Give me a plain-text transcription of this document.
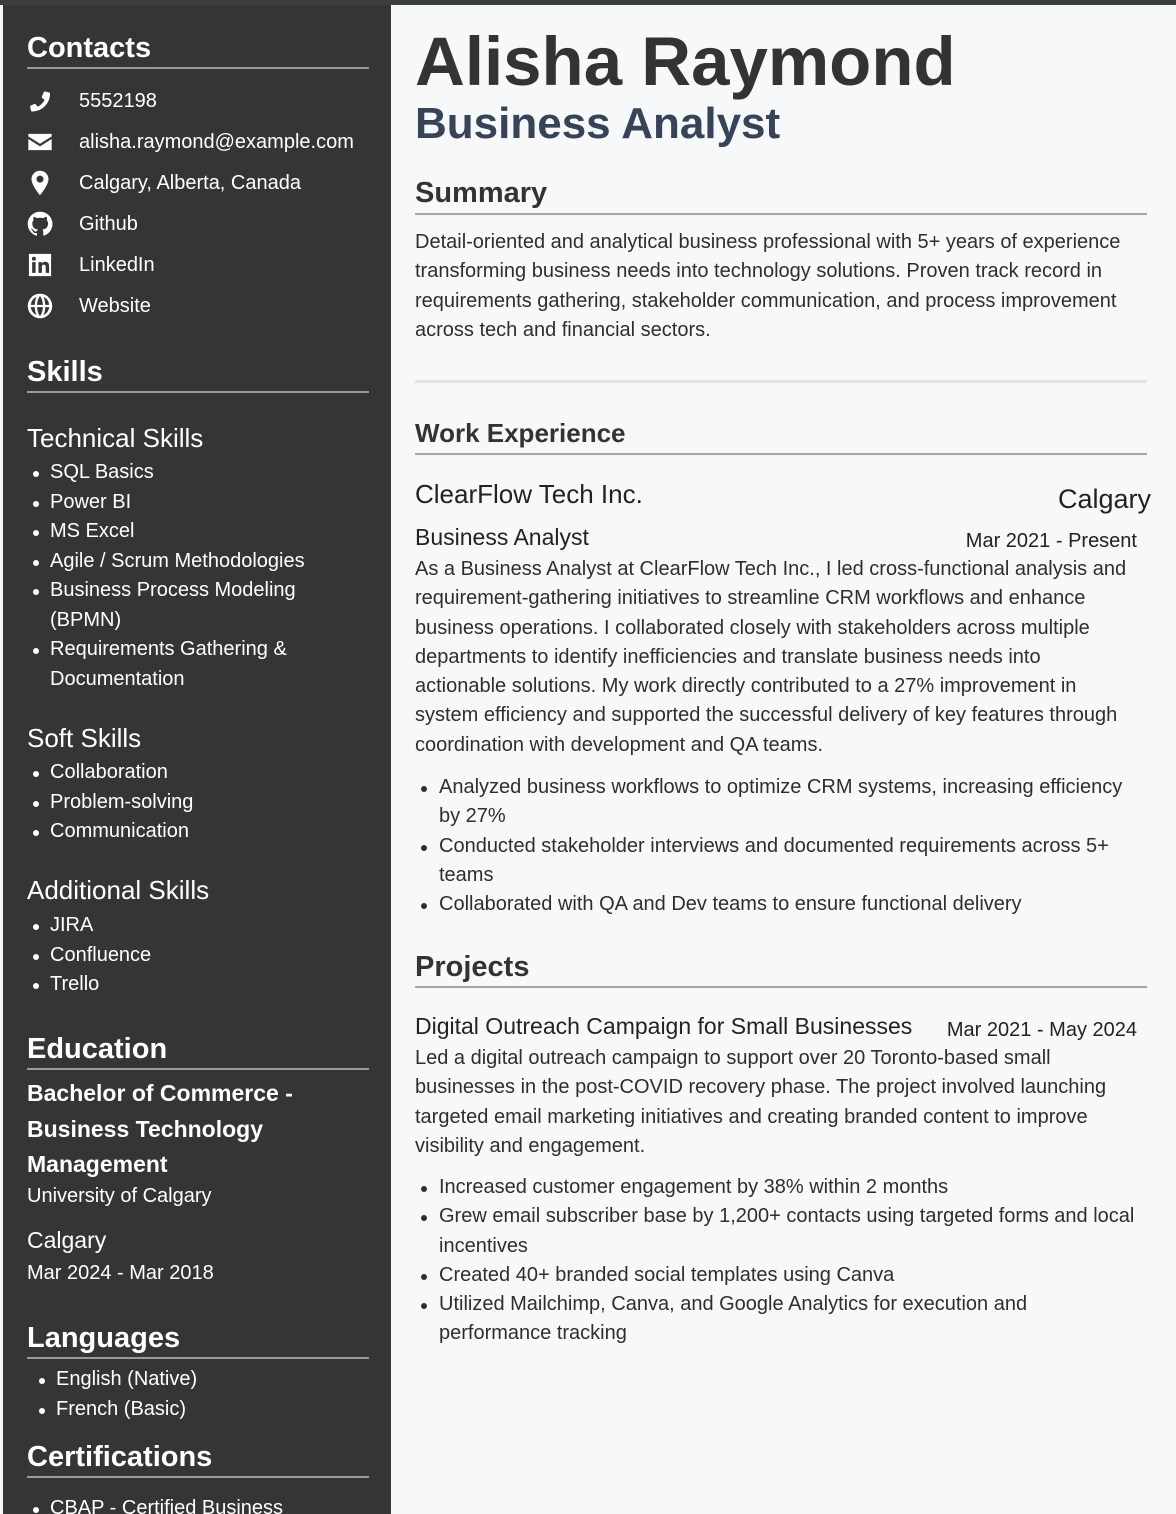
Contacts
5552198
alisha.raymond@example.com
Calgary, Alberta, Canada
Github
LinkedIn
Website
Skills
Technical Skills
SQL Basics
Power BI
MS Excel
Agile / Scrum Methodologies
Business Process Modeling (BPMN)
Requirements Gathering & Documentation
Soft Skills
Collaboration
Problem-solving
Communication
Additional Skills
JIRA
Confluence
Trello
Education
Bachelor of Commerce - Business Technology Management
University of Calgary
Calgary
Mar 2024 - Mar 2018
Languages
English (Native)
French (Basic)
Certifications
CBAP - Certified Business
Alisha Raymond
Business Analyst
Summary

Detail-oriented and analytical business professional with 5+ years of experience transforming business needs into technology solutions. Proven track record in requirements gathering, stakeholder communication, and process improvement across tech and financial sectors.

Work Experience
ClearFlow Tech Inc.	Calgary
Business Analyst	Mar 2021 - Present

As a Business Analyst at ClearFlow Tech Inc., I led cross-functional analysis and requirement-gathering initiatives to streamline CRM workflows and enhance business operations. I collaborated closely with stakeholders across multiple departments to identify inefficiencies and translate business needs into actionable solutions. My work directly contributed to a 27% improvement in system efficiency and supported the successful delivery of key features through coordination with development and QA teams.

Analyzed business workflows to optimize CRM systems, increasing efficiency by 27%
Conducted stakeholder interviews and documented requirements across 5+ teams
Collaborated with QA and Dev teams to ensure functional delivery
Projects
Digital Outreach Campaign for Small Businesses Mar 2021 - May 2024

Led a digital outreach campaign to support over 20 Toronto-based small businesses in the post-COVID recovery phase. The project involved launching targeted email marketing initiatives and creating branded content to improve visibility and engagement.

Increased customer engagement by 38% within 2 months
Grew email subscriber base by 1,200+ contacts using targeted forms and local incentives
Created 40+ branded social templates using Canva
Utilized Mailchimp, Canva, and Google Analytics for execution and performance tracking
